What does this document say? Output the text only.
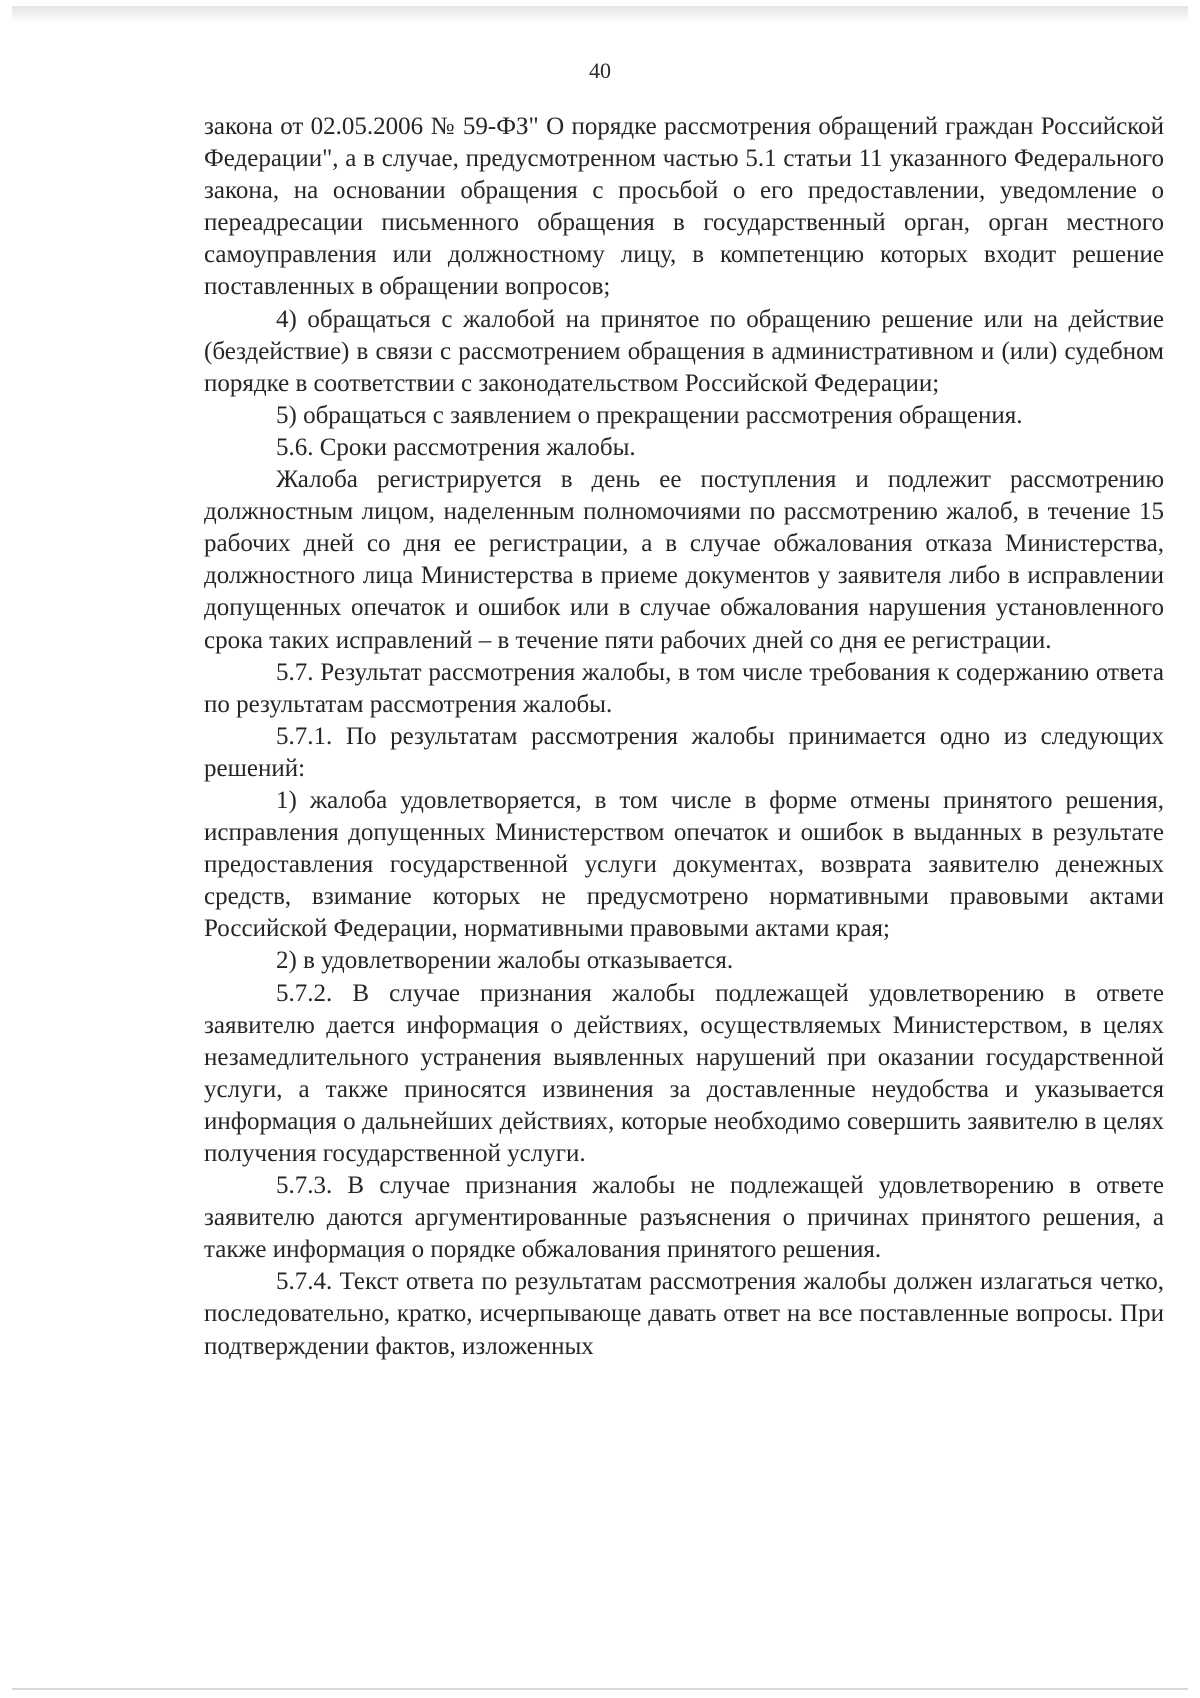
40

закона от 02.05.2006 № 59-ФЗ" О порядке рассмотрения обращений граждан Российской Федерации", а в случае, предусмотренном частью 5.1 статьи 11 указанного Федерального закона, на основании обращения с просьбой о его предоставлении, уведомление о переадресации письменного обращения в государственный орган, орган местного самоуправления или должностному лицу, в компетенцию которых входит решение поставленных в обращении вопросов;

4) обращаться с жалобой на принятое по обращению решение или на действие (бездействие) в связи с рассмотрением обращения в административном и (или) судебном порядке в соответствии с законодательством Российской Федерации;

5) обращаться с заявлением о прекращении рассмотрения обращения.

5.6. Сроки рассмотрения жалобы.

Жалоба регистрируется в день ее поступления и подлежит рассмотрению должностным лицом, наделенным полномочиями по рассмотрению жалоб, в течение 15 рабочих дней со дня ее регистрации, а в случае обжалования отказа Министерства, должностного лица Министерства в приеме документов у заявителя либо в исправлении допущенных опечаток и ошибок или в случае обжалования нарушения установленного срока таких исправлений – в течение пяти рабочих дней со дня ее регистрации.

5.7. Результат рассмотрения жалобы, в том числе требования к содержанию ответа по результатам рассмотрения жалобы.

5.7.1. По результатам рассмотрения жалобы принимается одно из следующих решений:

1) жалоба удовлетворяется, в том числе в форме отмены принятого решения, исправления допущенных Министерством опечаток и ошибок в выданных в результате предоставления государственной услуги документах, возврата заявителю денежных средств, взимание которых не предусмотрено нормативными правовыми актами Российской Федерации, нормативными правовыми актами края;

2) в удовлетворении жалобы отказывается.

5.7.2. В случае признания жалобы подлежащей удовлетворению в ответе заявителю дается информация о действиях, осуществляемых Министерством, в целях незамедлительного устранения выявленных нарушений при оказании государственной услуги, а также приносятся извинения за доставленные неудобства и указывается информация о дальнейших действиях, которые необходимо совершить заявителю в целях получения государственной услуги.

5.7.3. В случае признания жалобы не подлежащей удовлетворению в ответе заявителю даются аргументированные разъяснения о причинах принятого решения, а также информация о порядке обжалования принятого решения.

5.7.4. Текст ответа по результатам рассмотрения жалобы должен излагаться четко, последовательно, кратко, исчерпывающе давать ответ на все поставленные вопросы. При подтверждении фактов, изложенных
